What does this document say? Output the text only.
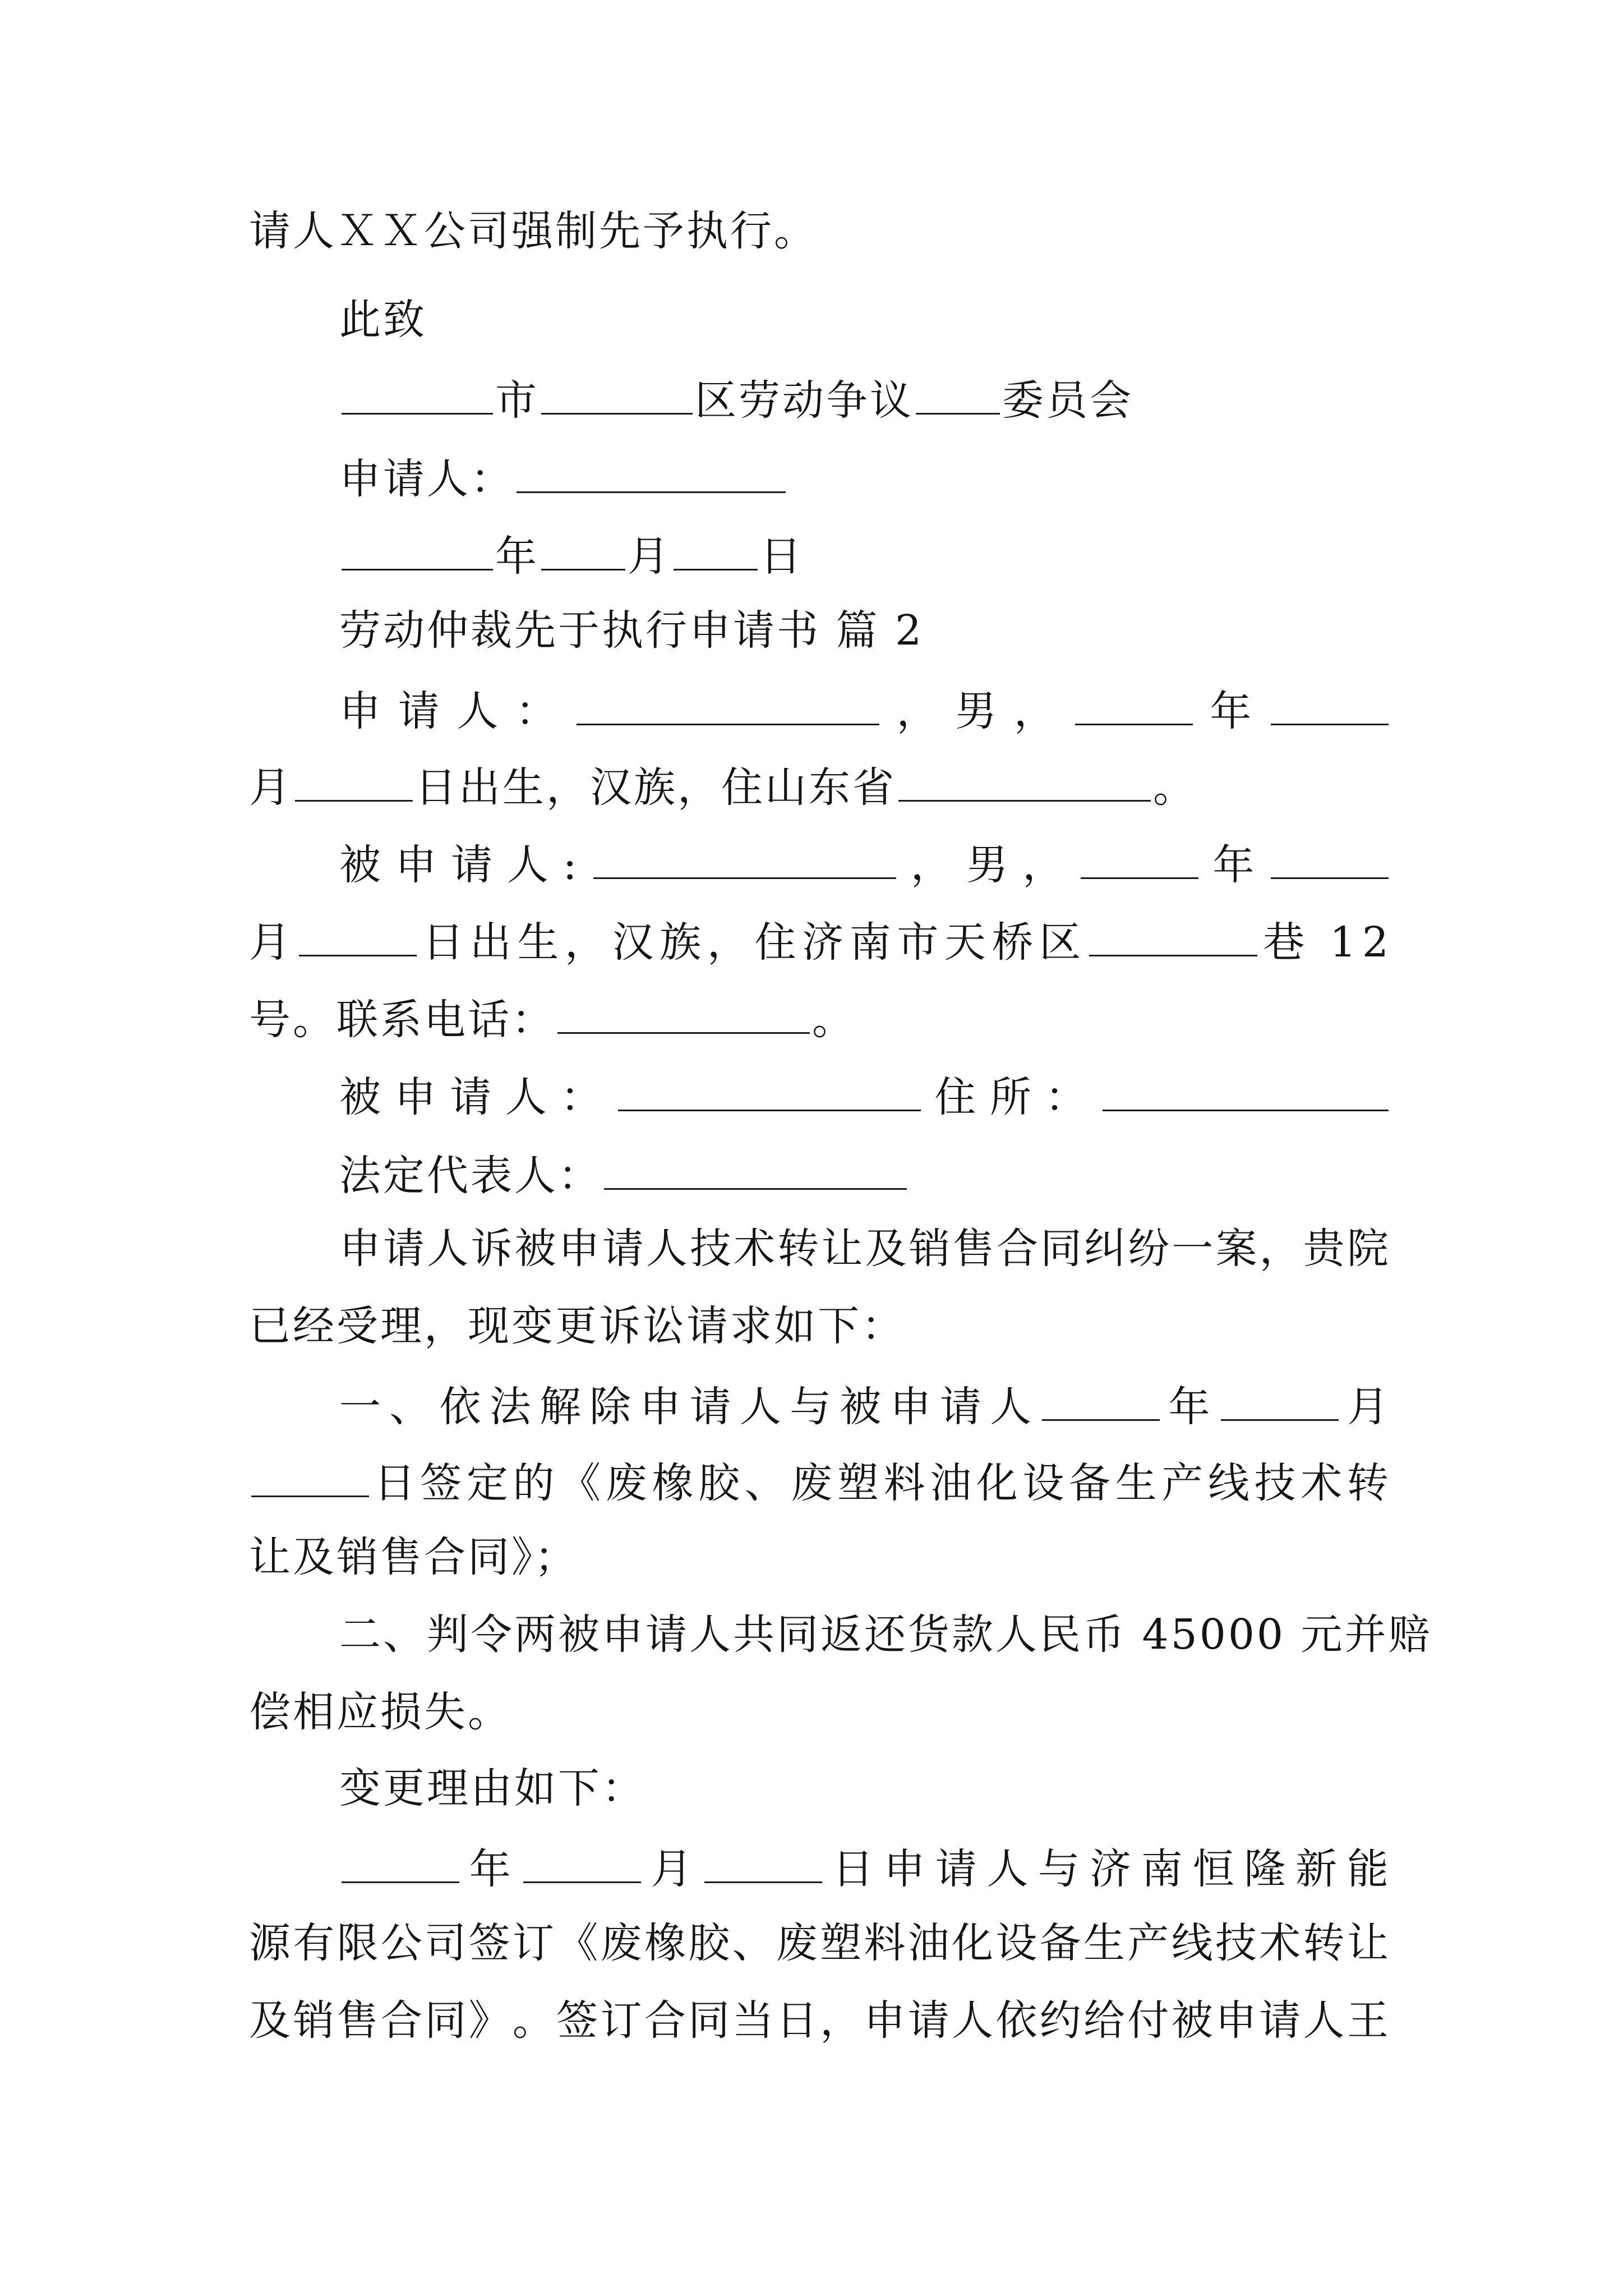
请人ＸＸ公司强制先予执行。
此致
市	区劳动争议 委员会
申请人：
年 月 日
劳动仲裁先于执行申请书 篇 2
申 请 人 ：	， 男 ，	年
月	日出生，汉族，住山东省	。
被 申 请 人 :	， 男 ，	年
月	日 出 生 ， 汉 族 ， 住 济 南 市 天 桥 区	巷
1 2
号。联系电话：	。
被 申 请 人 ：	住 所 ：
法定代表人：
申 请 人 诉 被 申 请 人 技 术 转 让 及 销 售 合 同 纠 纷 一 案 ， 贵 院
已经受理，现变更诉讼请求如下：
一 、 依 法 解 除 申 请 人 与 被 申 请 人	年	月
日 签 定 的 《 废 橡 胶 、 废 塑 料 油 化 设 备 生 产 线 技 术 转
让及销售合同》；
二 、 判 令 两 被 申 请 人 共 同 返 还 货 款 人 民 币
4 5 0 0 0
元 并 赔
偿相应损失。
变更理由如下：
年	月	日 申 请 人 与 济 南 恒 隆 新 能
源 有 限 公 司 签 订 《 废 橡 胶 、 废 塑 料 油 化 设 备 生 产 线 技 术 转 让
及 销 售 合 同 》 。 签 订 合 同 当 日 ， 申 请 人 依 约 给 付 被 申 请 人 王
